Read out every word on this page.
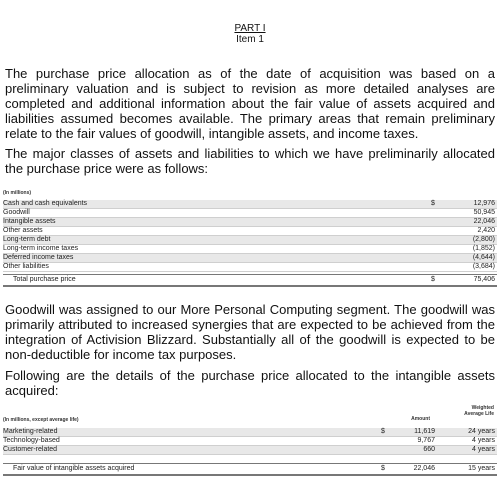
PART I
Item 1

The purchase price allocation as of the date of acquisition was based on a preliminary valuation and is subject to revision as more detailed analyses are completed and additional information about the fair value of assets acquired and liabilities assumed becomes available. The primary areas that remain preliminary relate to the fair values of goodwill, intangible assets, and income taxes.

The major classes of assets and liabilities to which we have preliminarily allocated the purchase price were as follows:

(In millions)
Cash and cash equivalents	$	12,976
Goodwill	50,945
Intangible assets	22,046
Other assets	2,420
Long-term debt	(2,800)
Long-term income taxes	(1,852)
Deferred income taxes	(4,644)
Other liabilities	(3,684)
Total purchase price	$	75,406

Goodwill was assigned to our More Personal Computing segment. The goodwill was primarily attributed to increased synergies that are expected to be achieved from the integration of Activision Blizzard. Substantially all of the goodwill is expected to be non-deductible for income tax purposes.

Following are the details of the purchase price allocated to the intangible assets acquired:

Weighted
Average Life
Amount
(In millions, except average life)
Marketing-related	$	11,619	24 years
Technology-based	9,767	4 years
Customer-related	660	4 years
Fair value of intangible assets acquired	$	22,046	15 years
